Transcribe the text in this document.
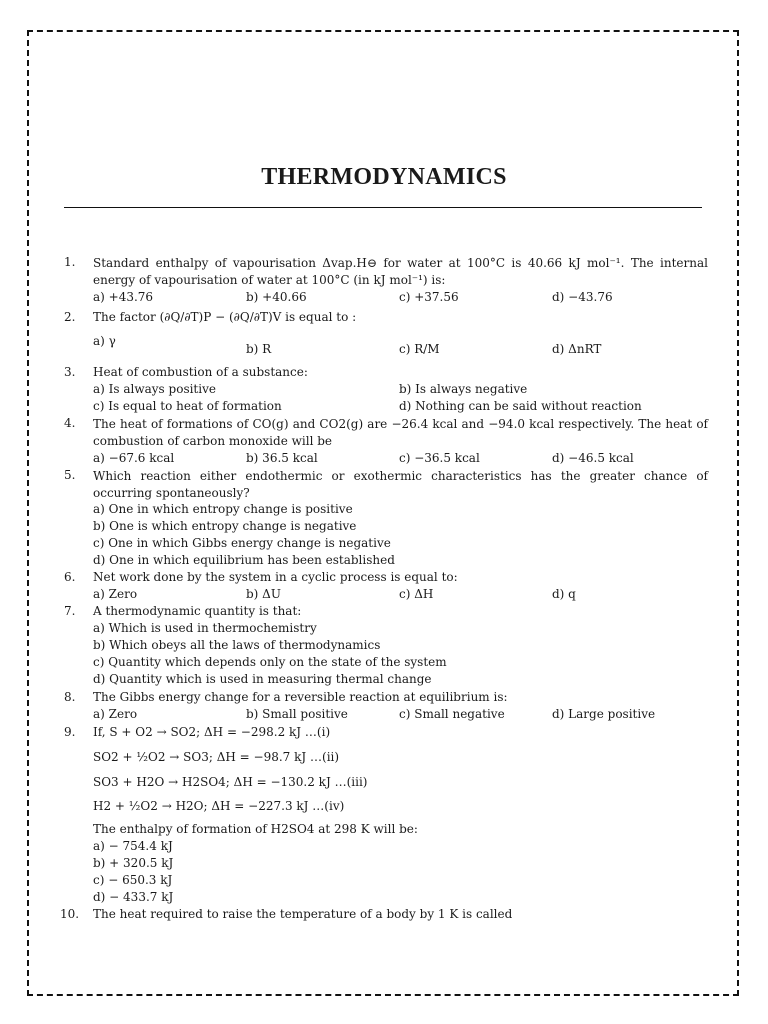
THERMODYNAMICS
1. Standard enthalpy of vapourisation Δvap.H⊖ for water at 100°C is 40.66 kJ mol⁻¹. The internal energy of vapourisation of water at 100°C (in kJ mol⁻¹) is:
a) +43.76	b) +40.66	c) +37.56	d) −43.76
2. The factor (∂Q/∂T)P − (∂Q/∂T)V is equal to :
a) γ
b) R	c) R/M	d) ΔnRT
3. Heat of combustion of a substance:
a) Is always positive	b) Is always negative
c) Is equal to heat of formation	d) Nothing can be said without reaction
4. The heat of formations of CO(g) and CO2(g) are −26.4 kcal and −94.0 kcal respectively. The heat of combustion of carbon monoxide will be
a) −67.6 kcal	b) 36.5 kcal	c) −36.5 kcal	d) −46.5 kcal
5. Which reaction either endothermic or exothermic characteristics has the greater chance of occurring spontaneously?
a) One in which entropy change is positive
b) One is which entropy change is negative
c) One in which Gibbs energy change is negative
d) One in which equilibrium has been established
6. Net work done by the system in a cyclic process is equal to:
a) Zero	b) ΔU	c) ΔH	d) q
7. A thermodynamic quantity is that:
a) Which is used in thermochemistry
b) Which obeys all the laws of thermodynamics
c) Quantity which depends only on the state of the system
d) Quantity which is used in measuring thermal change
8. The Gibbs energy change for a reversible reaction at equilibrium is:
a) Zero	b) Small positive	c) Small negative	d) Large positive
9. If, S + O2 → SO2; ΔH = −298.2 kJ …(i)
SO2 + ½O2 → SO3; ΔH = −98.7 kJ …(ii)
SO3 + H2O → H2SO4; ΔH = −130.2 kJ …(iii)
H2 + ½O2 → H2O; ΔH = −227.3 kJ …(iv)
The enthalpy of formation of H2SO4 at 298 K will be:
a) − 754.4 kJ
b) + 320.5 kJ
c) − 650.3 kJ
d) − 433.7 kJ
10. The heat required to raise the temperature of a body by 1 K is called
